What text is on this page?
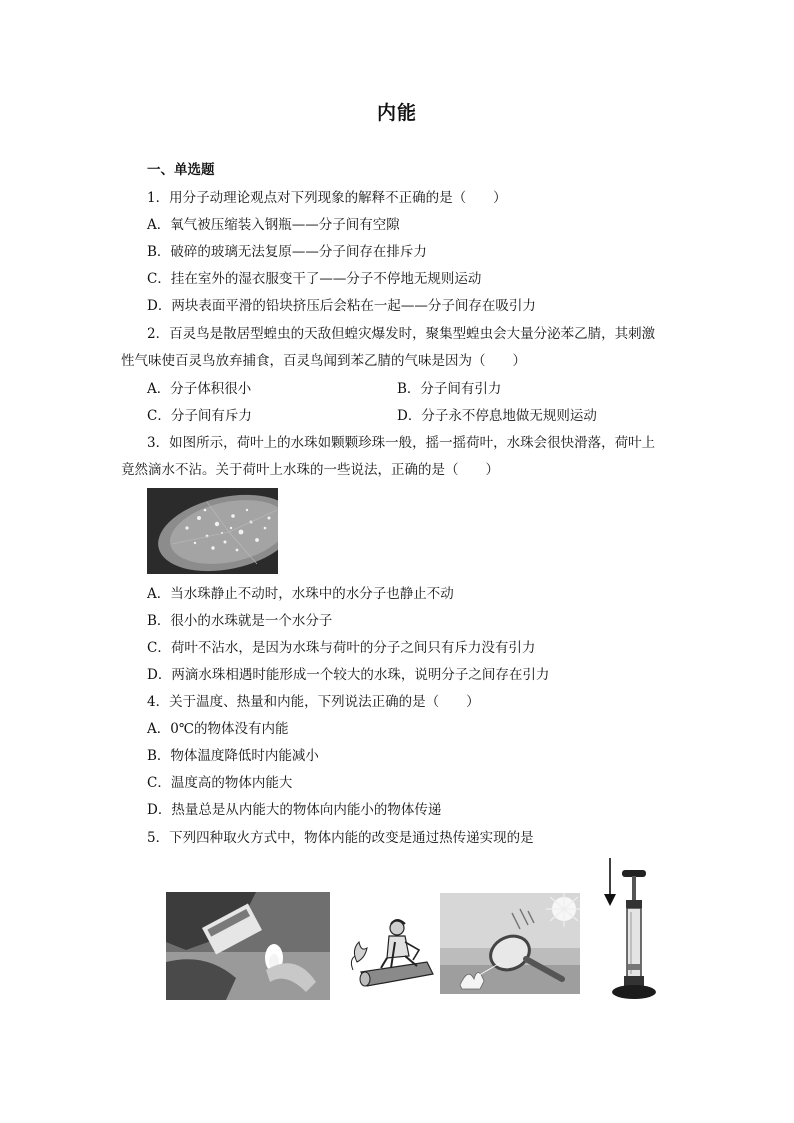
内能
一、单选题
1．用分子动理论观点对下列现象的解释不正确的是（　　）
A．氧气被压缩装入钢瓶——分子间有空隙
B．破碎的玻璃无法复原——分子间存在排斥力
C．挂在室外的湿衣服变干了——分子不停地无规则运动
D．两块表面平滑的铅块挤压后会粘在一起——分子间存在吸引力
2．百灵鸟是散居型蝗虫的天敌但蝗灾爆发时，聚集型蝗虫会大量分泌苯乙腈，其刺激
性气味使百灵鸟放弃捕食，百灵鸟闻到苯乙腈的气味是因为（　　）
A．分子体积很小	B．分子间有引力
C．分子间有斥力	D．分子永不停息地做无规则运动
3．如图所示，荷叶上的水珠如颗颗珍珠一般，摇一摇荷叶，水珠会很快滑落，荷叶上
竟然滴水不沾。关于荷叶上水珠的一些说法，正确的是（　　）
A．当水珠静止不动时，水珠中的水分子也静止不动
B．很小的水珠就是一个水分子
C．荷叶不沾水，是因为水珠与荷叶的分子之间只有斥力没有引力
D．两滴水珠相遇时能形成一个较大的水珠，说明分子之间存在引力
4．关于温度、热量和内能，下列说法正确的是（　　）
A．0℃的物体没有内能
B．物体温度降低时内能减小
C．温度高的物体内能大
D．热量总是从内能大的物体向内能小的物体传递
5．下列四种取火方式中，物体内能的改变是通过热传递实现的是
